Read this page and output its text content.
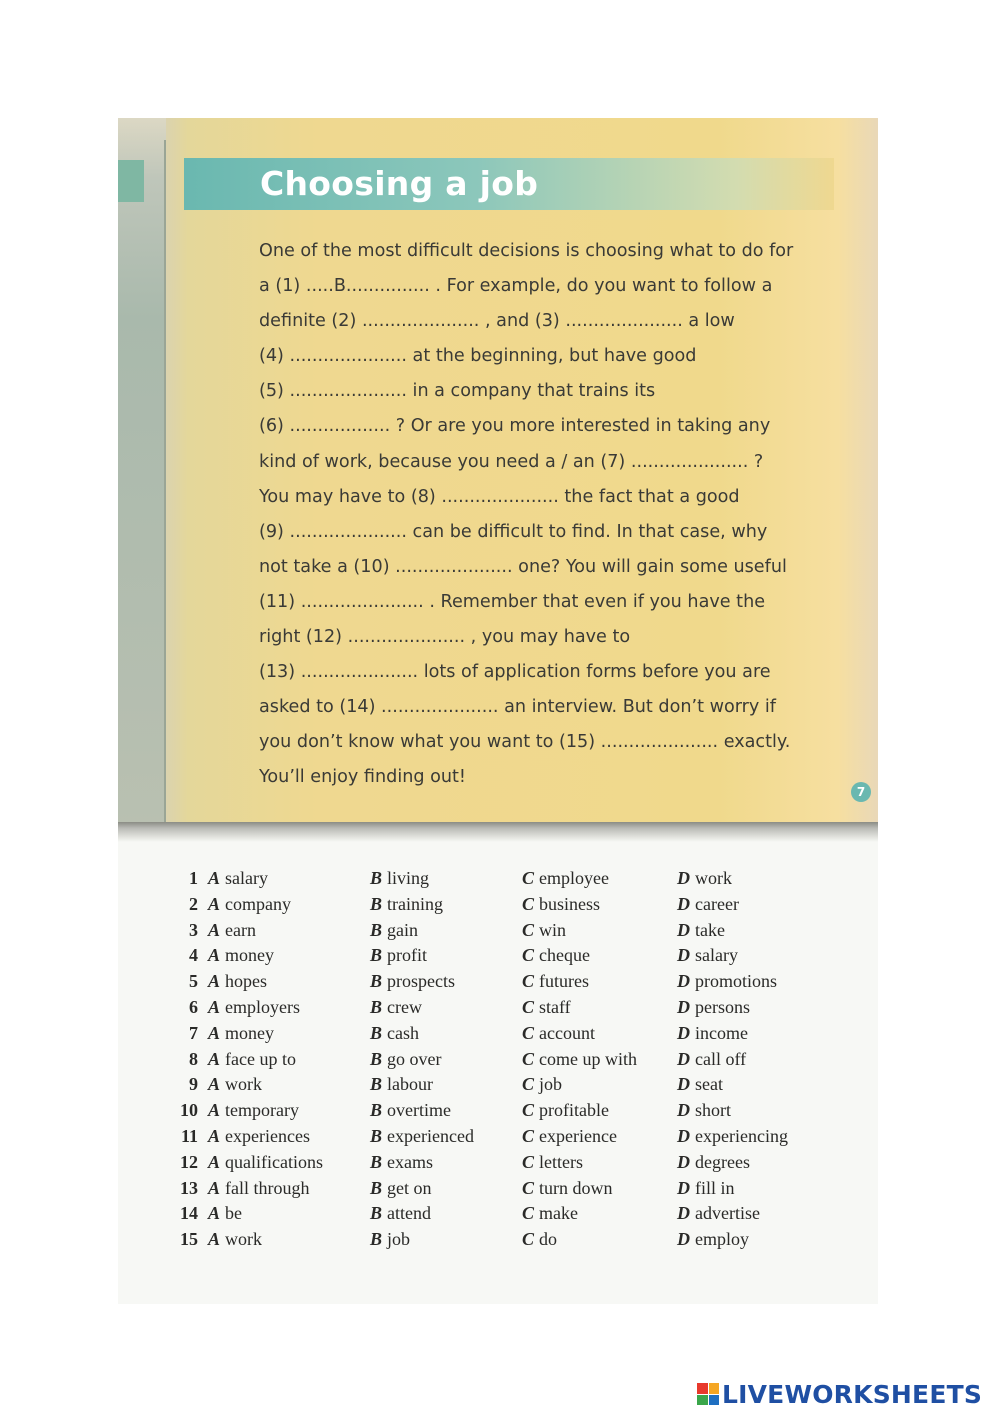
Choosing a job
One of the most difficult decisions is choosing what to do for
a (1) .....B............... . For example, do you want to follow a
definite (2) ..................... , and (3) ..................... a low
(4) ..................... at the beginning, but have good
(5) ..................... in a company that trains its
(6) .................. ? Or are you more interested in taking any
kind of work, because you need a / an (7) ..................... ?
You may have to (8) ..................... the fact that a good
(9) ..................... can be difficult to find. In that case, why
not take a (10) ..................... one? You will gain some useful
(11) ...................... . Remember that even if you have the
right (12) ..................... , you may have to
(13) ..................... lots of application forms before you are
asked to (14) ..................... an interview. But don’t worry if
you don’t know what you want to (15) ..................... exactly.
You’ll enjoy finding out!
7
1 A salary	B living	C employee	D work
2 A company	B training	C business	D career
3 A earn	B gain	C win	D take
4 A money	B profit	C cheque	D salary
5 A hopes	B prospects	C futures	D promotions
6 A employers	B crew	C staff	D persons
7 A money	B cash	C account	D income
8 A face up to	B go over	C come up with D call off
9 A work	B labour	C job	D seat
10 A temporary	B overtime	C profitable	D short
11 A experiences	B experienced	C experience	D experiencing
12 A qualifications	B exams	C letters	D degrees
13 A fall through	B get on	C turn down	D fill in
14 A be	B attend	C make	D advertise
15 A work	B job	C do	D employ
LIVEWORKSHEETS
